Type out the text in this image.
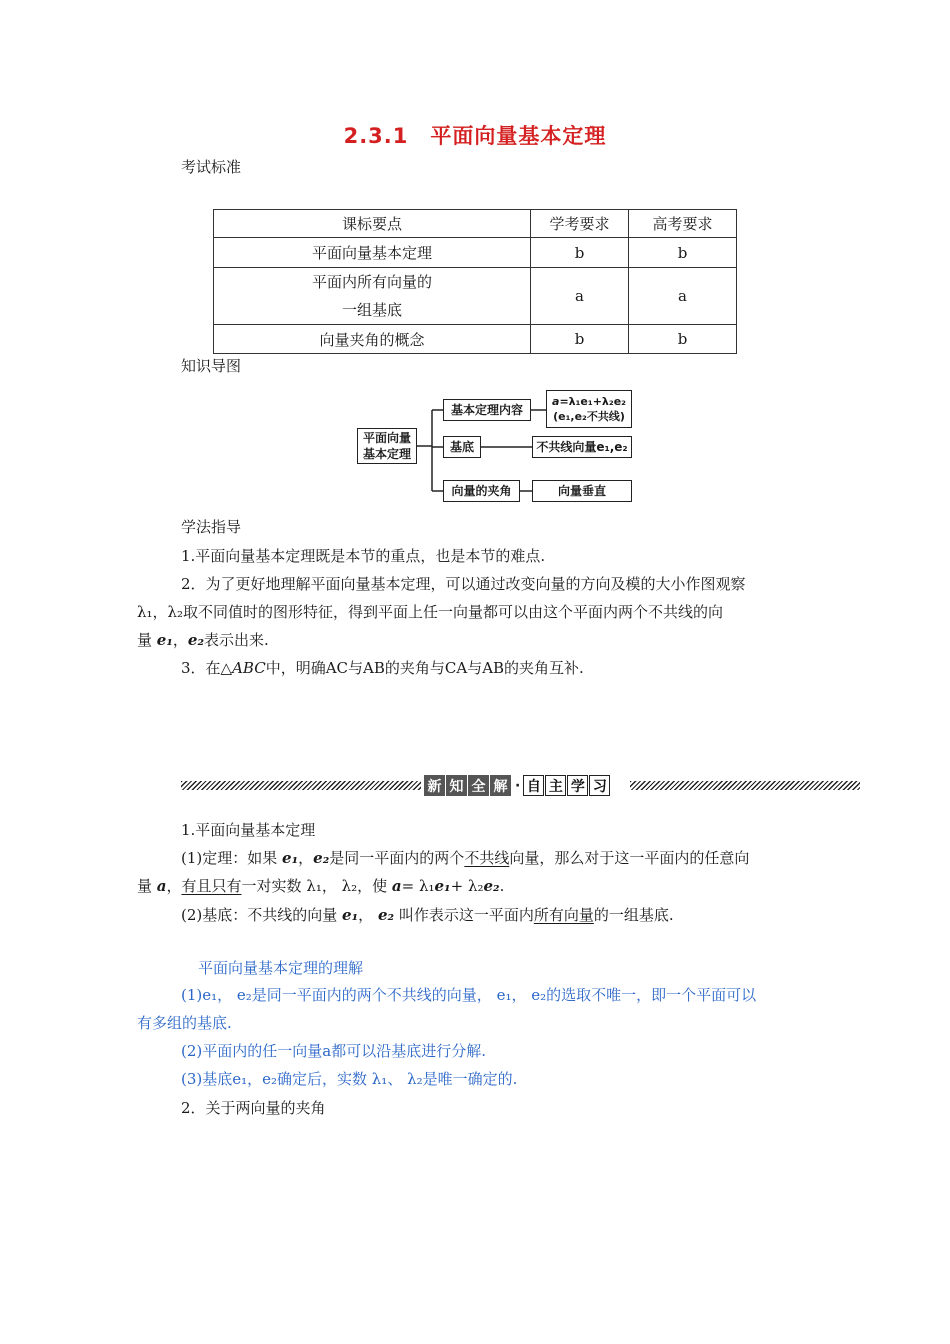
2.3.1 平面向量基本定理
考试标准
课标要点	学考要求	高考要求
平面向量基本定理	b	b

平面内所有向量的
一组基底	a	a
向量夹角的概念	b	b
知识导图
平面向量
基本定理
基本定理内容
a=λ₁e₁+λ₂e₂
(e₁,e₂不共线)
基底	不共线向量e₁,e₂
向量的夹角	向量垂直
学法指导
1.平面向量基本定理既是本节的重点，也是本节的难点.
2．为了更好地理解平面向量基本定理，可以通过改变向量的方向及模的大小作图观察
λ₁，λ₂取不同值时的图形特征，得到平面上任一向量都可以由这个平面内两个不共线的向
量 e₁，e₂表示出来.
3．在△ABC中，明确AC与AB的夹角与CA与AB的夹角互补.
新 知 全 解 · 自 主 学 习
1.平面向量基本定理
(1)定理：如果 e₁，e₂是同一平面内的两个不共线向量，那么对于这一平面内的任意向
量 a，有且只有一对实数 λ₁， λ₂，使 a= λ₁e₁+ λ₂e₂.
(2)基底：不共线的向量 e₁， e₂ 叫作表示这一平面内所有向量的一组基底.
平面向量基本定理的理解
(1)e₁， e₂是同一平面内的两个不共线的向量， e₁， e₂的选取不唯一，即一个平面可以
有多组的基底.
(2)平面内的任一向量a都可以沿基底进行分解.
(3)基底e₁，e₂确定后，实数 λ₁、 λ₂是唯一确定的.
2．关于两向量的夹角
